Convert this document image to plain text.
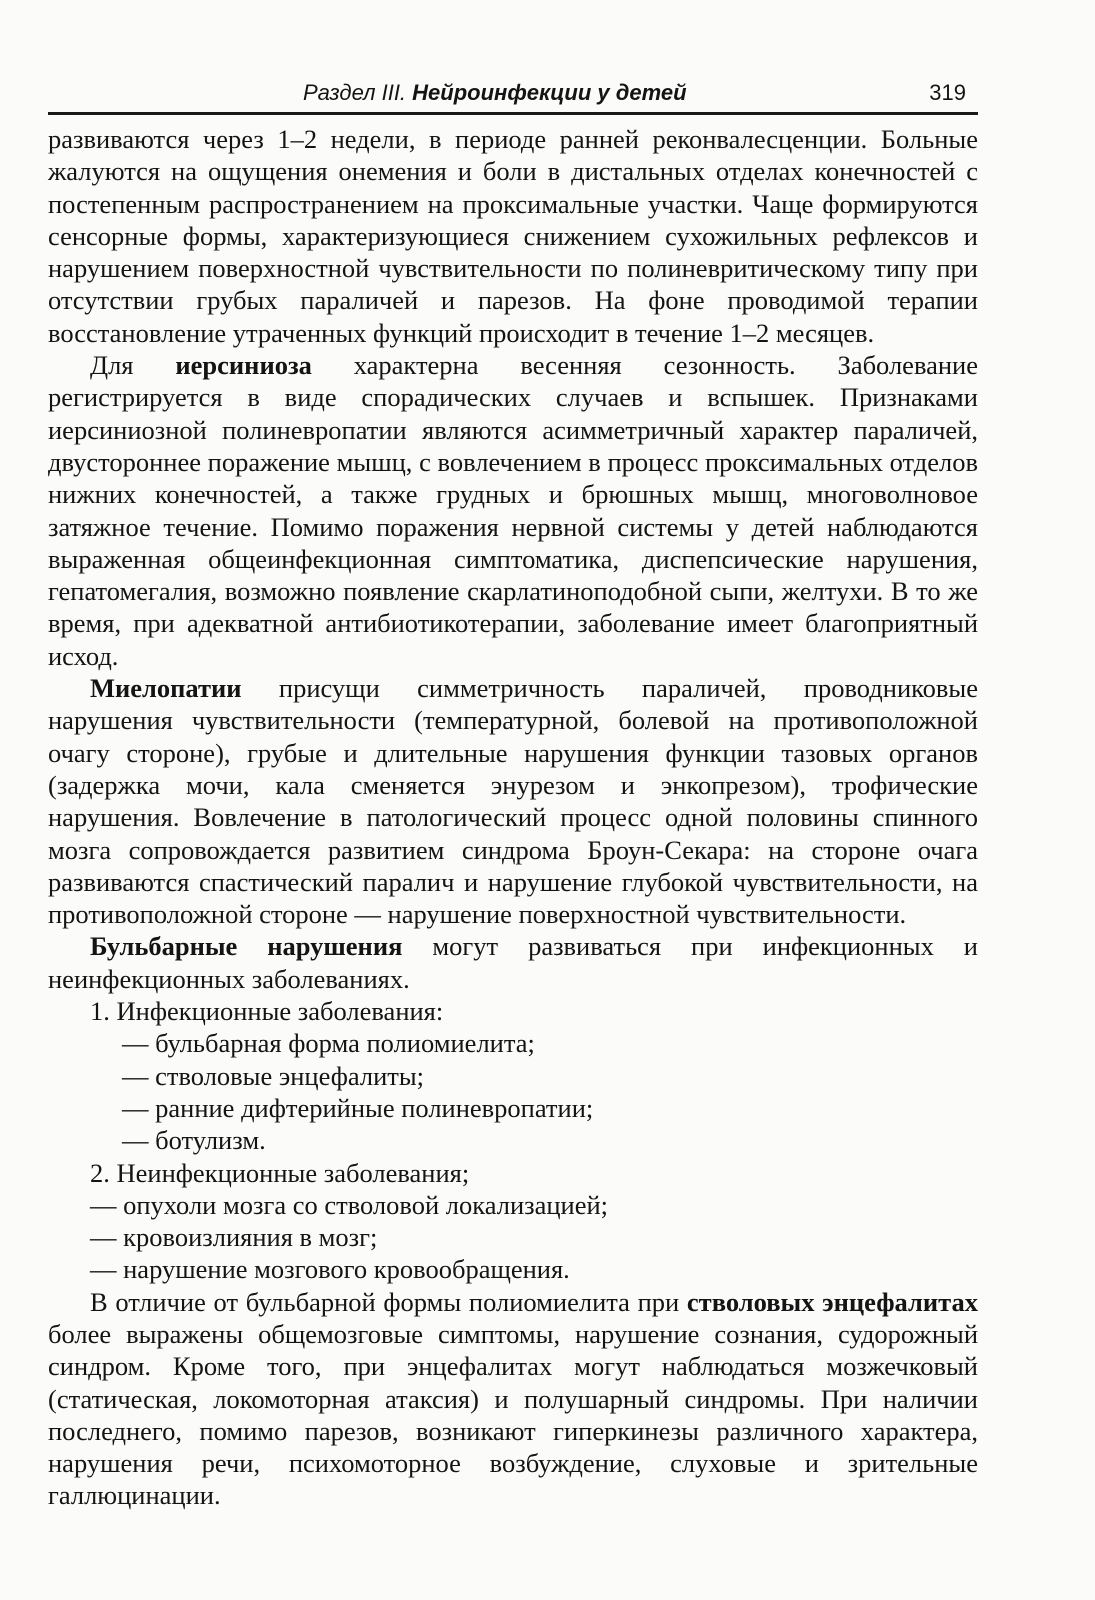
Раздел III. Нейроинфекции у детей	319

развиваются через 1–2 недели, в периоде ранней реконвалесценции. Больные жалуются на ощущения онемения и боли в дистальных отделах конечностей с постепенным распространением на проксимальные участки. Чаще формируются сенсорные формы, характеризующиеся снижением сухожильных рефлексов и нарушением поверхностной чувствительности по полиневритическому типу при отсутствии грубых параличей и парезов. На фоне проводимой терапии восстановление утраченных функций происходит в течение 1–2 месяцев.

Для иерсиниоза характерна весенняя сезонность. Заболевание регистрируется в виде спорадических случаев и вспышек. Признаками иерсиниозной полиневропатии являются асимметричный характер параличей, двустороннее поражение мышц, с вовлечением в процесс проксимальных отделов нижних конечностей, а также грудных и брюшных мышц, многоволновое затяжное течение. Помимо поражения нервной системы у детей наблюдаются выраженная общеинфекционная симптоматика, диспепсические нарушения, гепатомегалия, возможно появление скарлатиноподобной сыпи, желтухи. В то же время, при адекватной антибиотикотерапии, заболевание имеет благоприятный исход.

Миелопатии присущи симметричность параличей, проводниковые нарушения чувствительности (температурной, болевой на противоположной очагу стороне), грубые и длительные нарушения функции тазовых органов (задержка мочи, кала сменяется энурезом и энкопрезом), трофические нарушения. Вовлечение в патологический процесс одной половины спинного мозга сопровождается развитием синдрома Броун-Секара: на стороне очага развиваются спастический паралич и нарушение глубокой чувствительности, на противоположной стороне — нарушение поверхностной чувствительности.

Бульбарные нарушения могут развиваться при инфекционных и неинфекционных заболеваниях.

1. Инфекционные заболевания:

— бульбарная форма полиомиелита;

— стволовые энцефалиты;

— ранние дифтерийные полиневропатии;

— ботулизм.

2. Неинфекционные заболевания;

— опухоли мозга со стволовой локализацией;

— кровоизлияния в мозг;

— нарушение мозгового кровообращения.

В отличие от бульбарной формы полиомиелита при стволовых энцефалитах более выражены общемозговые симптомы, нарушение сознания, судорожный синдром. Кроме того, при энцефалитах могут наблюдаться мозжечковый (статическая, локомоторная атаксия) и полушарный синдромы. При наличии последнего, помимо парезов, возникают гиперкинезы различного характера, нарушения речи, психомоторное возбуждение, слуховые и зрительные галлюцинации.
